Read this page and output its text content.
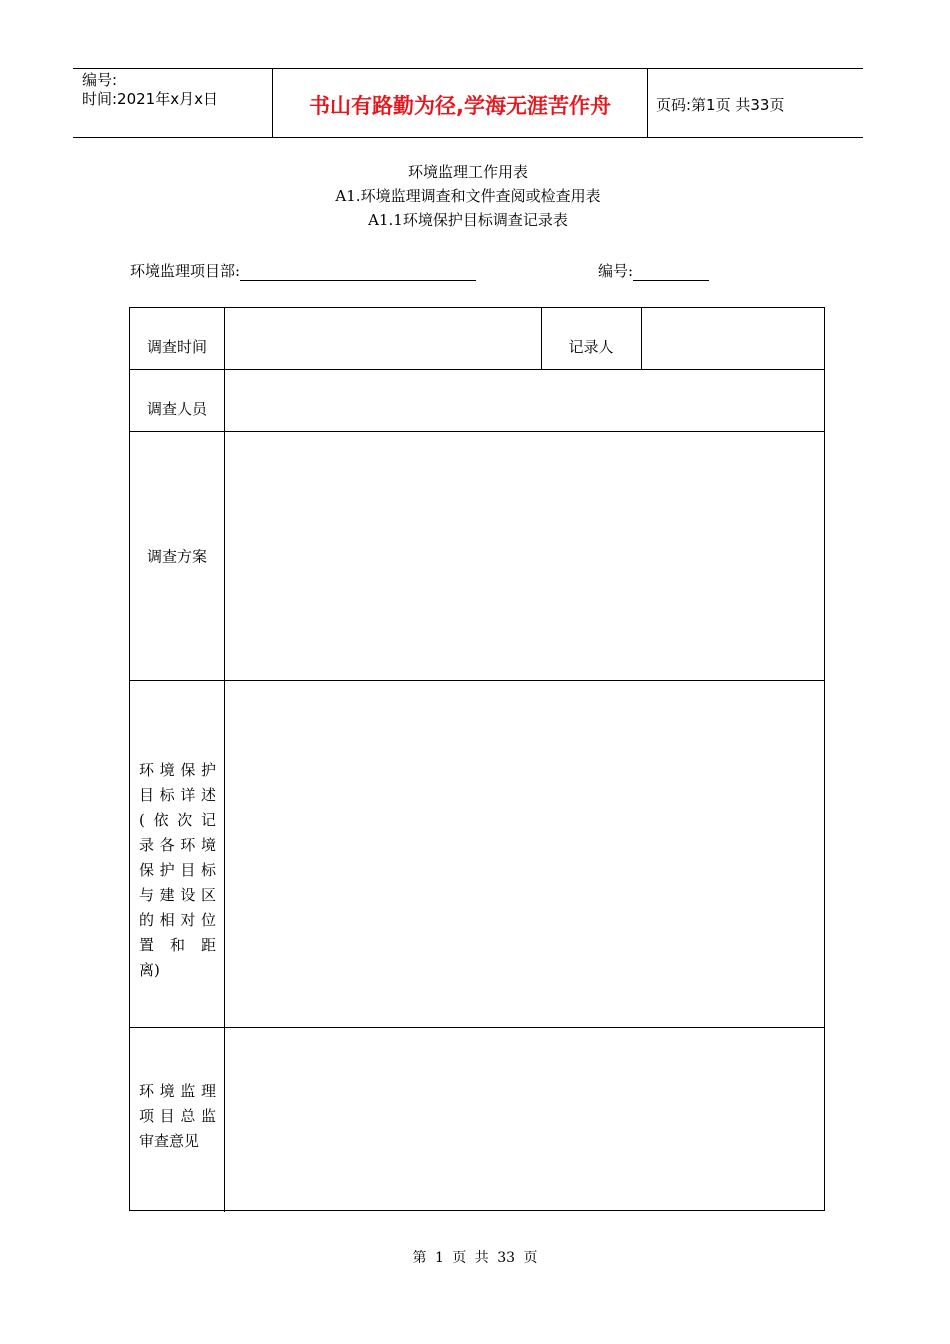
编号:
时间:2021年x月x日	书山有路勤为径,学海无涯苦作舟	页码:第1页 共33页
环境监理工作用表
A1.环境监理调查和文件查阅或检查用表
A1.1环境保护目标调查记录表
环境监理项目部:	编号:
调查时间	记录人
调查人员
调查方案
环境保护
目标详述
(依次记
录各环境
保护目标
与建设区
的相对位
置和距
离)
环境监理
项目总监
审查意见
第 1 页 共 33 页
